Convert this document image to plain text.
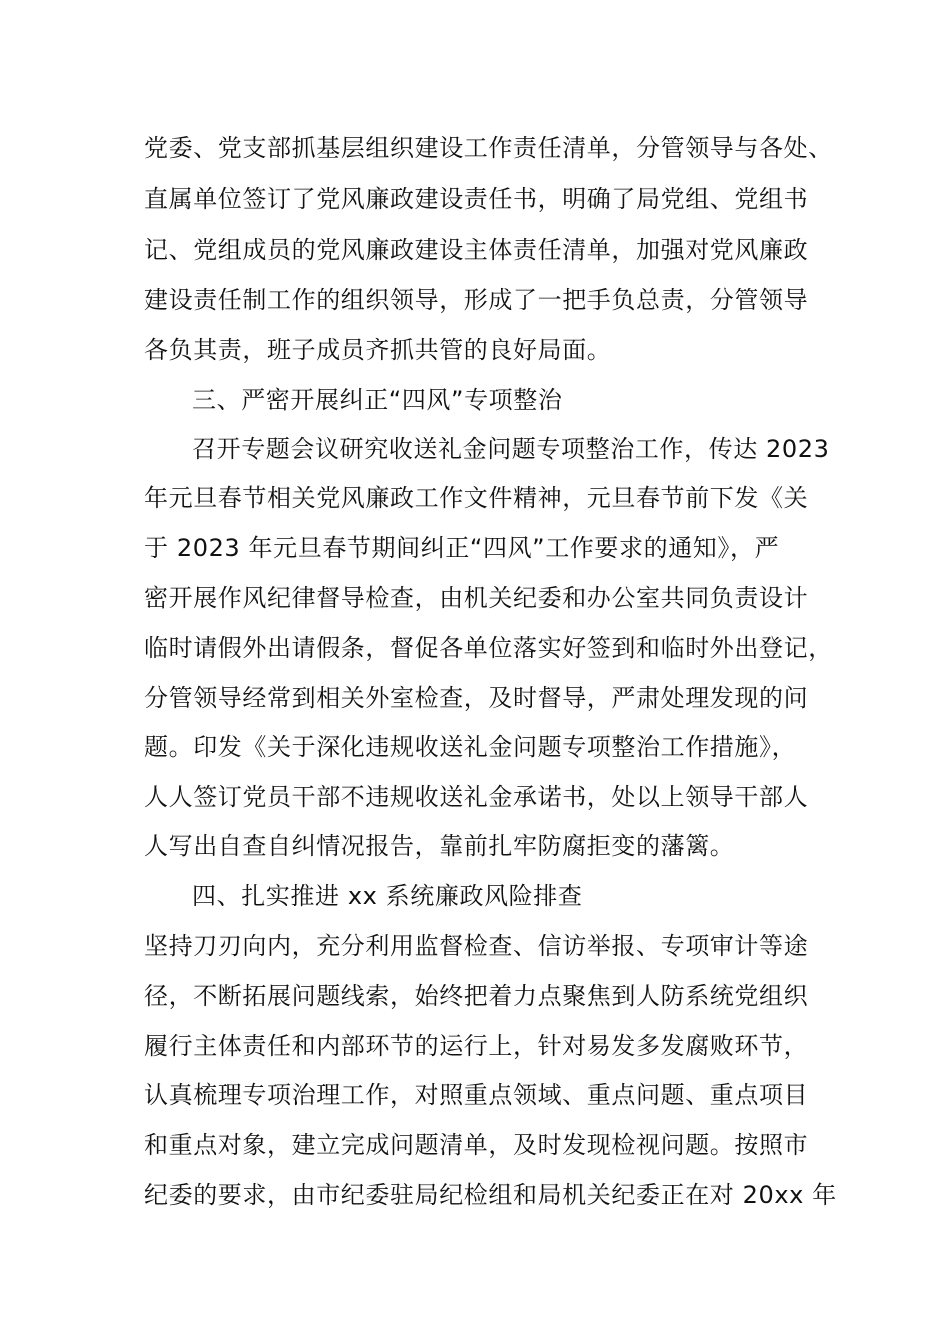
党委、党支部抓基层组织建设工作责任清单，分管领导与各处、
直属单位签订了党风廉政建设责任书，明确了局党组、党组书
记、党组成员的党风廉政建设主体责任清单，加强对党风廉政
建设责任制工作的组织领导，形成了一把手负总责，分管领导
各负其责，班子成员齐抓共管的良好局面。
三、严密开展纠正“四风”专项整治
召开专题会议研究收送礼金问题专项整治工作，传达 2023
年元旦春节相关党风廉政工作文件精神，元旦春节前下发《关
于 2023 年元旦春节期间纠正“四风”工作要求的通知》，严
密开展作风纪律督导检查，由机关纪委和办公室共同负责设计
临时请假外出请假条，督促各单位落实好签到和临时外出登记，
分管领导经常到相关外室检查，及时督导，严肃处理发现的问
题。印发《关于深化违规收送礼金问题专项整治工作措施》，
人人签订党员干部不违规收送礼金承诺书，处以上领导干部人
人写出自查自纠情况报告，靠前扎牢防腐拒变的藩篱。
四、扎实推进 xx 系统廉政风险排查
坚持刀刃向内，充分利用监督检查、信访举报、专项审计等途
径，不断拓展问题线索，始终把着力点聚焦到人防系统党组织
履行主体责任和内部环节的运行上，针对易发多发腐败环节，
认真梳理专项治理工作，对照重点领域、重点问题、重点项目
和重点对象，建立完成问题清单，及时发现检视问题。按照市
纪委的要求，由市纪委驻局纪检组和局机关纪委正在对 20xx 年
